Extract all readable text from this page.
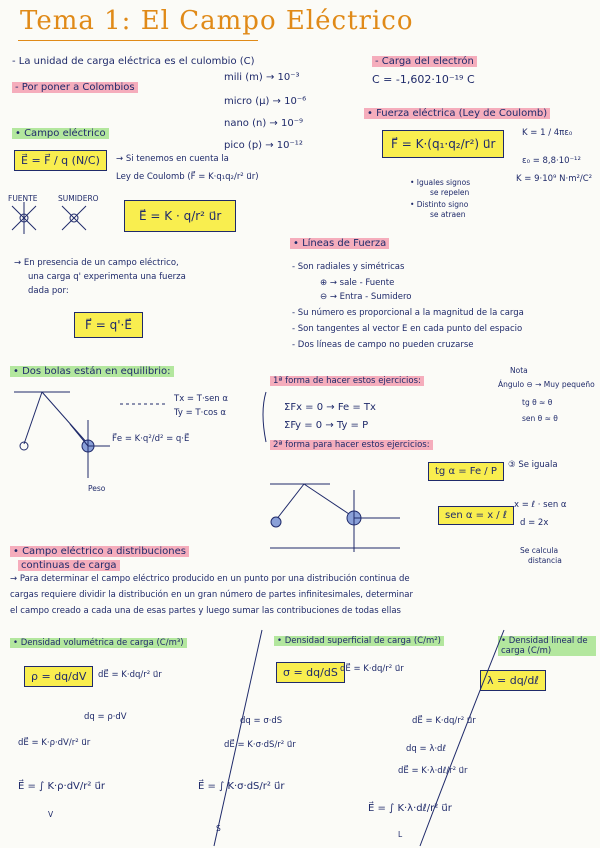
Tema 1: El Campo Eléctrico
- La unidad de carga eléctrica es el culombio (C)
- Por poner a Colombios
mili (m) → 10⁻³
micro (μ) → 10⁻⁶
nano (n) → 10⁻⁹
pico (p) → 10⁻¹²
- Carga del electrón
C = -1,602·10⁻¹⁹ C
• Campo eléctrico
E⃗ = F⃗ / q (N/C)	→ Si tenemos en cuenta la
Ley de Coulomb (F⃗ = K·q₁q₂/r² u⃗r)
FUENTE	SUMIDERO
E⃗ = K · q/r² u⃗r
→ En presencia de un campo eléctrico,
una carga q' experimenta una fuerza
dada por:
F⃗ = q'·E⃗
• Fuerza eléctrica (Ley de Coulomb)
F⃗ = K·(q₁·q₂/r²) u⃗r
K = 1 / 4πε₀
ε₀ = 8,8·10⁻¹²
K = 9·10⁹ N·m²/C²
• Iguales signos
se repelen
• Distinto signo
se atraen
• Líneas de Fuerza
- Son radiales y simétricas
⊕ → sale - Fuente
⊖ → Entra - Sumidero
- Su número es proporcional a la magnitud de la carga
- Son tangentes al vector E en cada punto del espacio
- Dos líneas de campo no pueden cruzarse
• Dos bolas están en equilibrio:
Tx = T·sen α
Ty = T·cos α
F⃗e = K·q²/d² = q·E⃗
Peso
1ª forma de hacer estos ejercicios:
ΣFx = 0 → Fe = Tx
ΣFy = 0 → Ty = P
2ª forma para hacer estos ejercicios:
tg α = Fe / P
sen α = x / ℓ
③ Se iguala
x = ℓ · sen α
d = 2x
Se calcula
distancia
Nota
Ángulo ⊖ → Muy pequeño
tg θ ≈ θ
sen θ ≈ θ
• Campo eléctrico a distribuciones
continuas de carga
→ Para determinar el campo eléctrico producido en un punto por una distribución continua de
cargas requiere dividir la distribución en un gran número de partes infinitesimales, determinar
el campo creado a cada una de esas partes y luego sumar las contribuciones de todas ellas
• Densidad volumétrica de carga (C/m³)
ρ = dq/dV	dE⃗ = K·dq/r² u⃗r
dq = ρ·dV
dE⃗ = K·ρ·dV/r² u⃗r
E⃗ = ∫ K·ρ·dV/r² u⃗r
V
• Densidad superficial de carga (C/m²)
σ = dq/dS dE⃗ = K·dq/r² u⃗r
dq = σ·dS
dE⃗ = K·σ·dS/r² u⃗r
E⃗ = ∫ K·σ·dS/r² u⃗r
S
• Densidad lineal de carga (C/m)
λ = dq/dℓ
dE⃗ = K·dq/r² u⃗r
dq = λ·dℓ
dE⃗ = K·λ·dℓ/r² u⃗r
E⃗ = ∫ K·λ·dℓ/r² u⃗r
L
